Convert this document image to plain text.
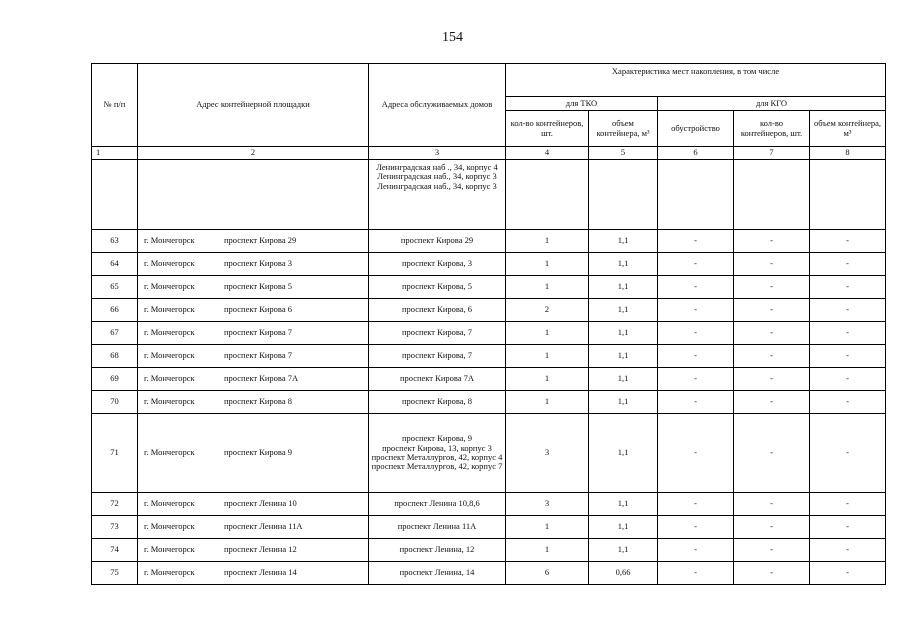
154
№ п/п	Адрес контейнерной площадки	Адреса обслуживаемых домов	Характеристика мест накопления, в том числе				
			для ТКО		для КГО		
			кол-во контейнеров, шт.	объем контейнера, м³	обустройство	кол-во контейнеров, шт.	объем контейнера, м³
1	2	3	4	5	6	7	8

		Ленинградская наб ., 34, корпус 4
Ленинградская наб., 34, корпус 3
Ленинградская наб., 34, корпус 3					

63	г. Мончегорск проспект Кирова 29	проспект Кирова 29	1	1,1	-	-	-
64	г. Мончегорск проспект Кирова 3	проспект Кирова, 3	1	1,1	-	-	-
65	г. Мончегорск проспект Кирова 5	проспект Кирова, 5	1	1,1	-	-	-
66	г. Мончегорск проспект Кирова 6	проспект Кирова, 6	2	1,1	-	-	-
67	г. Мончегорск проспект Кирова 7	проспект Кирова, 7	1	1,1	-	-	-
68	г. Мончегорск проспект Кирова 7	проспект Кирова, 7	1	1,1	-	-	-
69	г. Мончегорск проспект Кирова 7А	проспект Кирова 7А	1	1,1	-	-	-
70	г. Мончегорск проспект Кирова 8	проспект Кирова, 8	1	1,1	-	-	-
71	г. Мончегорск проспект Кирова 9	проспект Кирова, 9
проспект Кирова, 13, корпус 3
проспект Металлургов, 42, корпус 4
проспект Металлургов, 42, корпус 7	3	1,1	-	-	-
72	г. Мончегорск проспект Ленина 10	проспект Ленина 10,8,6	3	1,1	-	-	-
73	г. Мончегорск проспект Ленина 11А	проспект Ленина 11А	1	1,1	-	-	-
74	г. Мончегорск проспект Ленина 12	проспект Ленина, 12	1	1,1	-	-	-
75	г. Мончегорск проспект Ленина 14	проспект Ленина, 14	6	0,66	-	-	-
